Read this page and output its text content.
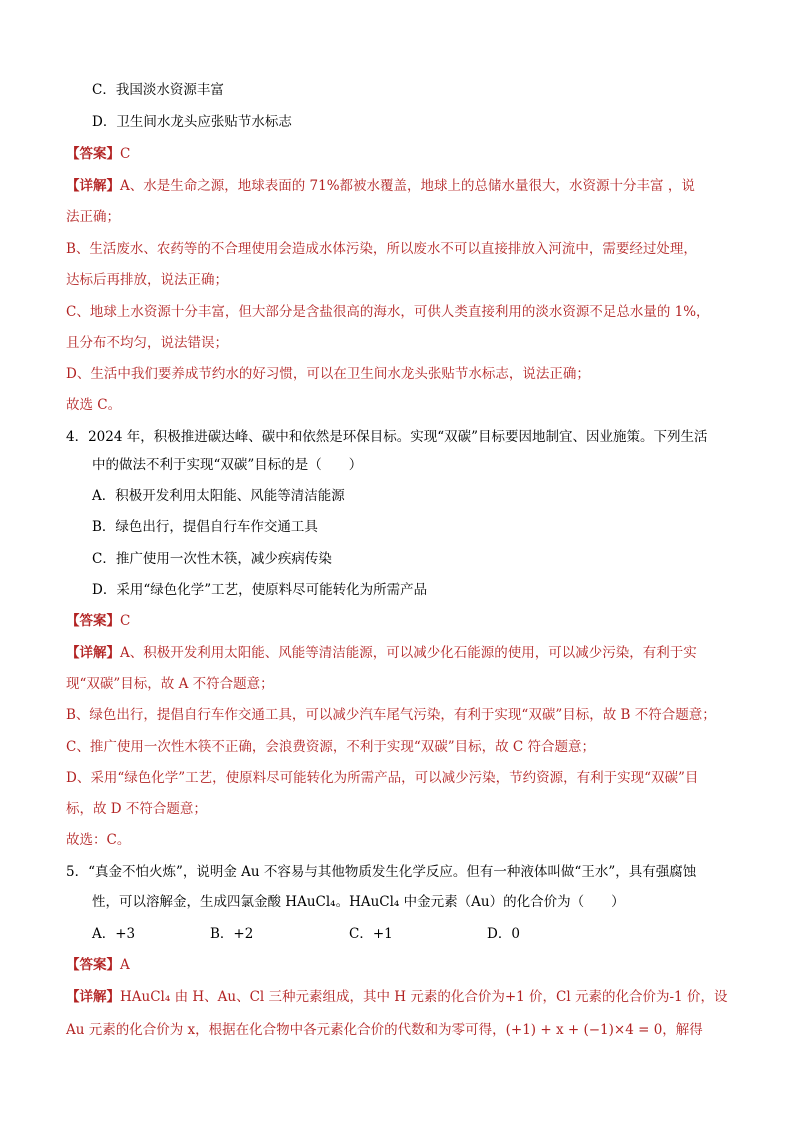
C．我国淡水资源丰富
D．卫生间水龙头应张贴节水标志
【答案】C
【详解】A、水是生命之源，地球表面的 71%都被水覆盖，地球上的总储水量很大，水资源十分丰富 ，说
法正确；
B、生活废水、农药等的不合理使用会造成水体污染，所以废水不可以直接排放入河流中，需要经过处理，
达标后再排放，说法正确；
C、地球上水资源十分丰富，但大部分是含盐很高的海水，可供人类直接利用的淡水资源不足总水量的 1%，
且分布不均匀，说法错误；
D、生活中我们要养成节约水的好习惯，可以在卫生间水龙头张贴节水标志，说法正确；
故选 C。
4．2024 年，积极推进碳达峰、碳中和依然是环保目标。实现“双碳”目标要因地制宜、因业施策。下列生活
中的做法不利于实现“双碳”目标的是（　　）
A．积极开发利用太阳能、风能等清洁能源
B．绿色出行，提倡自行车作交通工具
C．推广使用一次性木筷，减少疾病传染
D．采用“绿色化学”工艺，使原料尽可能转化为所需产品
【答案】C
【详解】A、积极开发利用太阳能、风能等清洁能源，可以减少化石能源的使用，可以减少污染，有利于实
现“双碳”目标，故 A 不符合题意；
B、绿色出行，提倡自行车作交通工具，可以减少汽车尾气污染，有利于实现“双碳”目标，故 B 不符合题意；
C、推广使用一次性木筷不正确，会浪费资源，不利于实现“双碳”目标，故 C 符合题意；
D、采用“绿色化学”工艺，使原料尽可能转化为所需产品，可以减少污染，节约资源，有利于实现“双碳”目
标，故 D 不符合题意；
故选：C。
5．“真金不怕火炼”，说明金 Au 不容易与其他物质发生化学反应。但有一种液体叫做“王水”，具有强腐蚀
性，可以溶解金，生成四氯金酸 HAuCl₄。HAuCl₄ 中金元素（Au）的化合价为（　　）
A．+3	B．+2	C．+1	D．0
【答案】A
【详解】HAuCl₄ 由 H、Au、Cl 三种元素组成，其中 H 元素的化合价为+1 价，Cl 元素的化合价为-1 价，设
Au 元素的化合价为 x，根据在化合物中各元素化合价的代数和为零可得，(+1) + x + (−1)×4 = 0，解得
